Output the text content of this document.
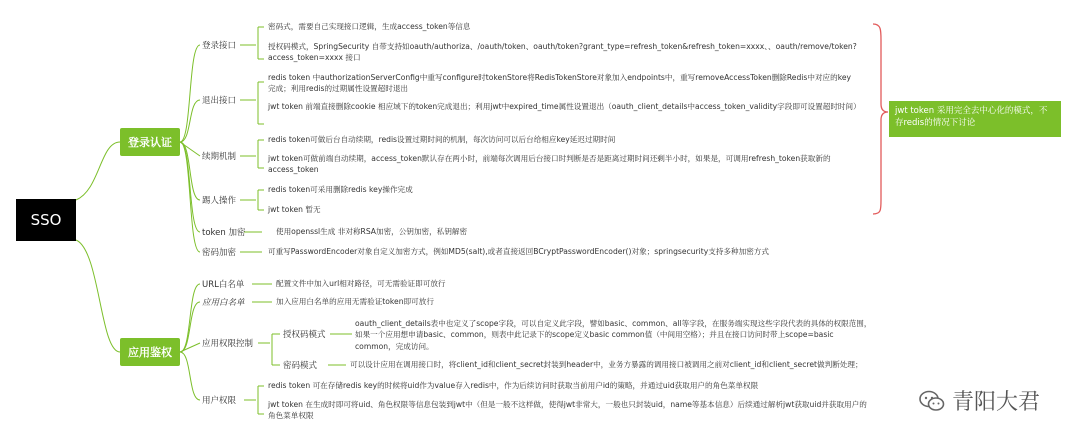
SSO
登录认证
应用鉴权
登录接口
退出接口
续期机制
踢人操作
token 加密
密码加密
密码式，需要自己实现接口逻辑，生成access_token等信息
授权码模式，SpringSecurity 自带支持如oauth/authoriza、/oauth/token、oauth/token?grant_type=refresh_token&refresh_token=xxxx、、oauth/remove/token?access_token=xxxx 接口
redis token 中authorizationServerConfig中重写configure时tokenStore将RedisTokenStore对象加入endpoints中，重写removeAccessToken删除Redis中对应的key完成；利用redis的过期属性设置超时退出
jwt token 前端直接删除cookie 相应域下的token完成退出；利用jwt中expired_time属性设置退出（oauth_client_details中access_token_validity字段即可设置超时时间）
redis token可做后台自动续期，redis设置过期时间的机制，每次访问可以后台给相应key延迟过期时间
jwt token可做前端自动续期，access_token默认存在两小时，前端每次调用后台接口时判断是否是距离过期时间还剩半小时，如果是，可调用refresh_token获取新的access_token
redis token可采用删除redis key操作完成
jwt token 暂无
使用openssl生成 非对称RSA加密，公钥加密，私钥解密
可重写PasswordEncoder对象自定义加密方式，例如MD5(salt),或者直接返回BCryptPasswordEncoder()对象；springsecurity支持多种加密方式
jwt token 采用完全去中心化的模式，不存redis的情况下讨论
URL白名单
应用白名单
应用权限控制
授权码模式
密码模式
用户权限
配置文件中加入url相对路径，可无需验证即可放行
加入应用白名单的应用无需验证token即可放行
oauth_client_details表中也定义了scope字段，可以自定义此字段，譬如basic、common、all等字段，在服务端实现这些字段代表的具体的权限范围，如果一个应用想申请basic、common，则表中此记录下的scope定义basic common值（中间用空格）；并且在接口访问时带上scope=basic common，完成访问。
可以设计应用在调用接口时，将client_id和client_secret封装到header中，业务方暴露的调用接口被调用之前对client_id和client_secret做判断处理；
redis token 可在存储redis key的时候将uid作为value存入redis中，作为后续访问时获取当前用户id的策略，并通过uid获取用户的角色菜单权限
jwt token 在生成时即可将uid、角色权限等信息包装到jwt中（但是一般不这样做，使得jwt非常大，一般也只封装uid，name等基本信息）后续通过解析jwt获取uid并获取用户的角色菜单权限
青阳大君
